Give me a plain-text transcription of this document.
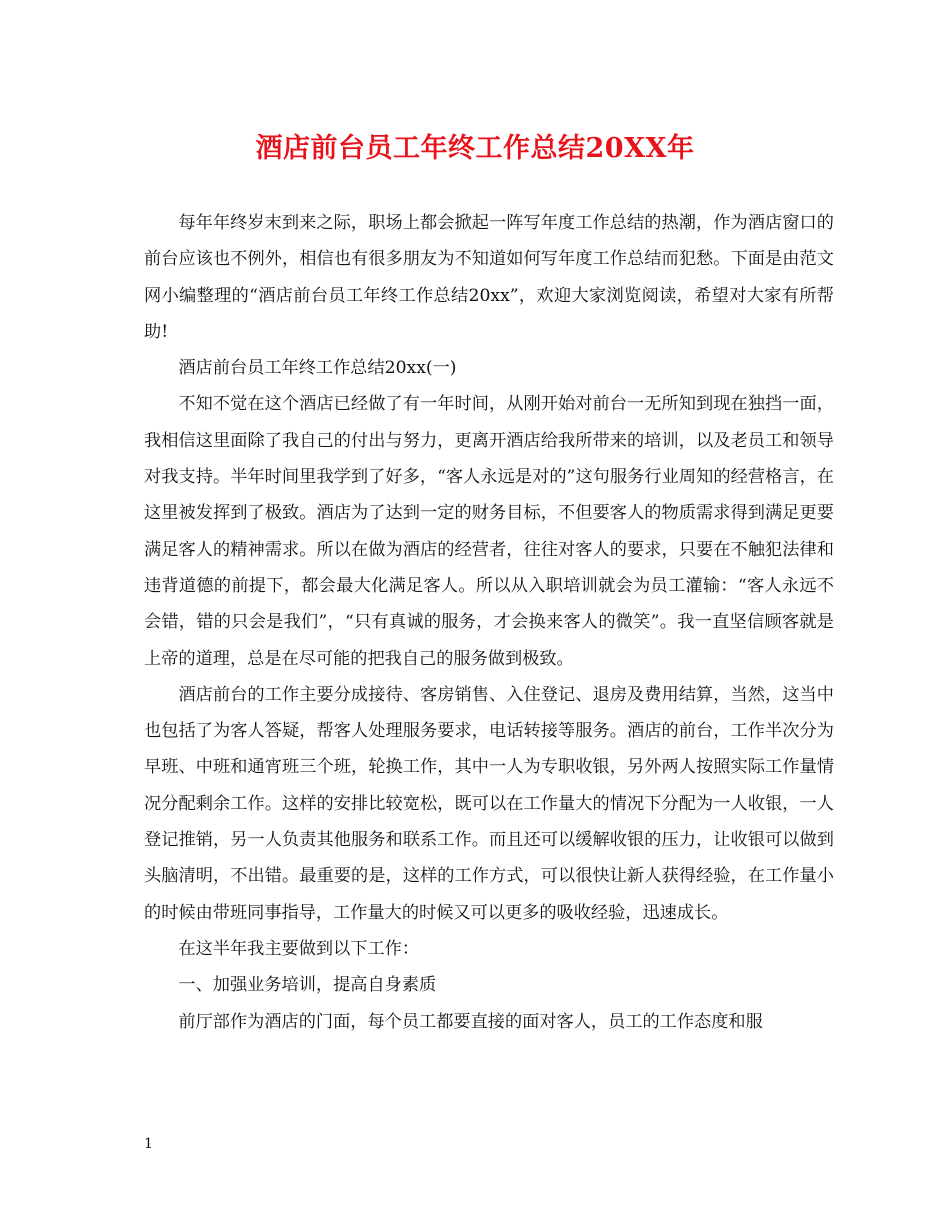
酒店前台员工年终工作总结20XX年

每年年终岁末到来之际，职场上都会掀起一阵写年度工作总结的热潮，作为酒店窗口的前台应该也不例外，相信也有很多朋友为不知道如何写年度工作总结而犯愁。下面是由范文网小编整理的“酒店前台员工年终工作总结20xx”，欢迎大家浏览阅读，希望对大家有所帮助!

酒店前台员工年终工作总结20xx(一)

不知不觉在这个酒店已经做了有一年时间，从刚开始对前台一无所知到现在独挡一面，我相信这里面除了我自己的付出与努力，更离开酒店给我所带来的培训，以及老员工和领导对我支持。半年时间里我学到了好多，“客人永远是对的”这句服务行业周知的经营格言，在这里被发挥到了极致。酒店为了达到一定的财务目标，不但要客人的物质需求得到满足更要满足客人的精神需求。所以在做为酒店的经营者，往往对客人的要求，只要在不触犯法律和违背道德的前提下，都会最大化满足客人。所以从入职培训就会为员工灌输：“客人永远不会错，错的只会是我们”，“只有真诚的服务，才会换来客人的微笑”。我一直坚信顾客就是上帝的道理，总是在尽可能的把我自己的服务做到极致。

酒店前台的工作主要分成接待、客房销售、入住登记、退房及费用结算，当然，这当中也包括了为客人答疑，帮客人处理服务要求，电话转接等服务。酒店的前台，工作半次分为早班、中班和通宵班三个班，轮换工作，其中一人为专职收银，另外两人按照实际工作量情况分配剩余工作。这样的安排比较宽松，既可以在工作量大的情况下分配为一人收银，一人登记推销，另一人负责其他服务和联系工作。而且还可以缓解收银的压力，让收银可以做到头脑清明，不出错。最重要的是，这样的工作方式，可以很快让新人获得经验，在工作量小的时候由带班同事指导，工作量大的时候又可以更多的吸收经验，迅速成长。

在这半年我主要做到以下工作：

一、加强业务培训，提高自身素质

前厅部作为酒店的门面，每个员工都要直接的面对客人，员工的工作态度和服

1
